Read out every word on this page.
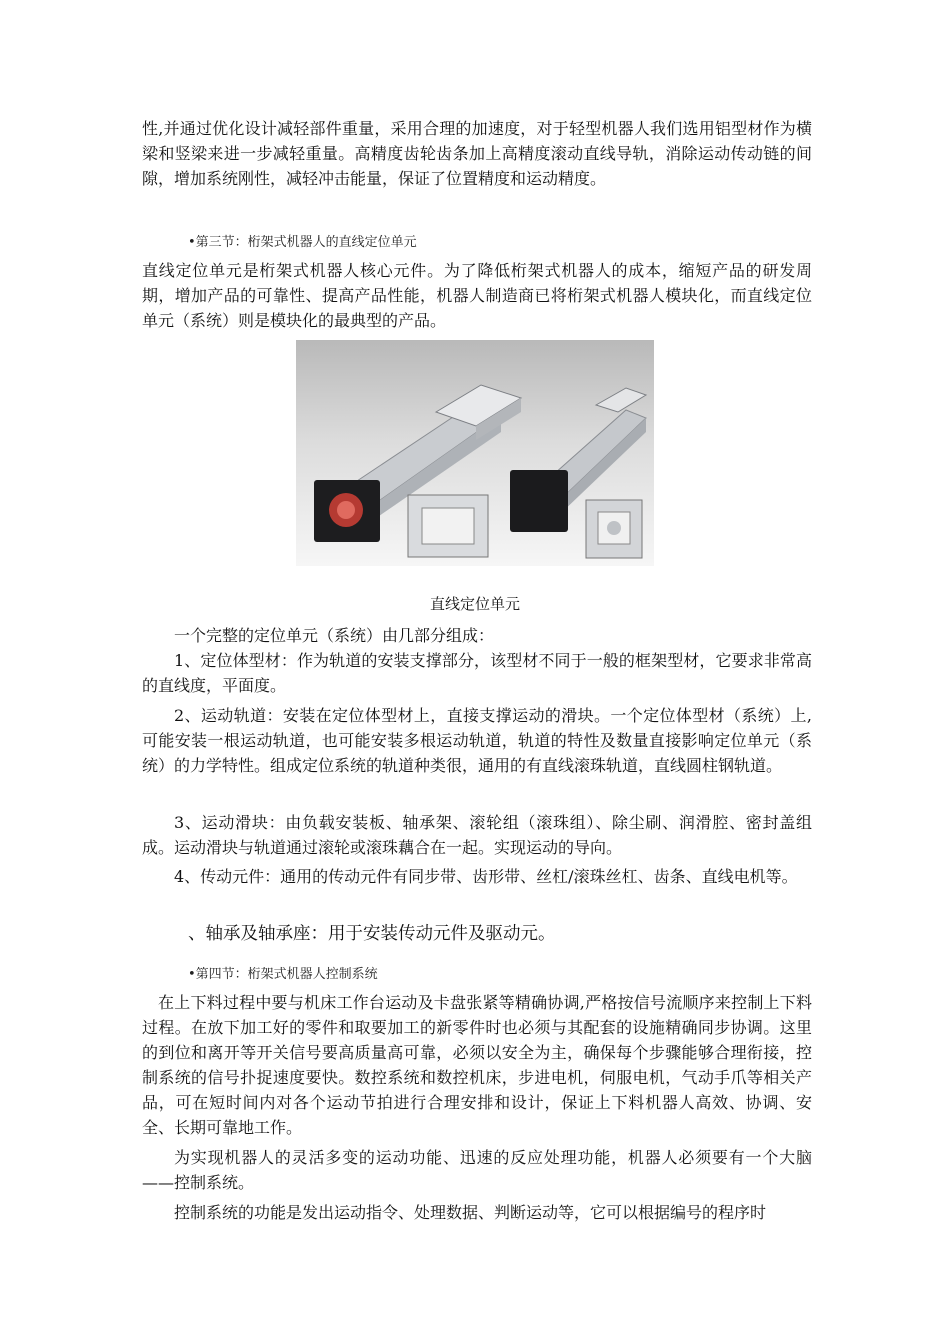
性,并通过优化设计减轻部件重量，采用合理的加速度，对于轻型机器人我们选用铝型材作为横梁和竖梁来进一步减轻重量。高精度齿轮齿条加上高精度滚动直线导轨，消除运动传动链的间隙，增加系统刚性，减轻冲击能量，保证了位置精度和运动精度。

•第三节：桁架式机器人的直线定位单元

直线定位单元是桁架式机器人核心元件。为了降低桁架式机器人的成本，缩短产品的研发周期，增加产品的可靠性、提高产品性能，机器人制造商已将桁架式机器人模块化，而直线定位单元（系统）则是模块化的最典型的产品。

直线定位单元

一个完整的定位单元（系统）由几部分组成：

1、定位体型材：作为轨道的安装支撑部分，该型材不同于一般的框架型材，它要求非常高的直线度，平面度。

2、运动轨道：安装在定位体型材上，直接支撑运动的滑块。一个定位体型材（系统）上,可能安装一根运动轨道，也可能安装多根运动轨道，轨道的特性及数量直接影响定位单元（系统）的力学特性。组成定位系统的轨道种类很，通用的有直线滚珠轨道，直线圆柱钢轨道。

3、运动滑块：由负载安装板、轴承架、滚轮组（滚珠组）、除尘刷、润滑腔、密封盖组成。运动滑块与轨道通过滚轮或滚珠藕合在一起。实现运动的导向。

4、传动元件：通用的传动元件有同步带、齿形带、丝杠/滚珠丝杠、齿条、直线电机等。

、轴承及轴承座：用于安装传动元件及驱动元。

•第四节：桁架式机器人控制系统

在上下料过程中要与机床工作台运动及卡盘张紧等精确协调,严格按信号流顺序来控制上下料过程。在放下加工好的零件和取要加工的新零件时也必须与其配套的设施精确同步协调。这里的到位和离开等开关信号要高质量高可靠，必须以安全为主，确保每个步骤能够合理衔接，控制系统的信号扑捉速度要快。数控系统和数控机床，步进电机，伺服电机，气动手爪等相关产品，可在短时间内对各个运动节拍进行合理安排和设计，保证上下料机器人高效、协调、安全、长期可靠地工作。

为实现机器人的灵活多变的运动功能、迅速的反应处理功能，机器人必须要有一个大脑——控制系统。

控制系统的功能是发出运动指令、处理数据、判断运动等，它可以根据编号的程序时
